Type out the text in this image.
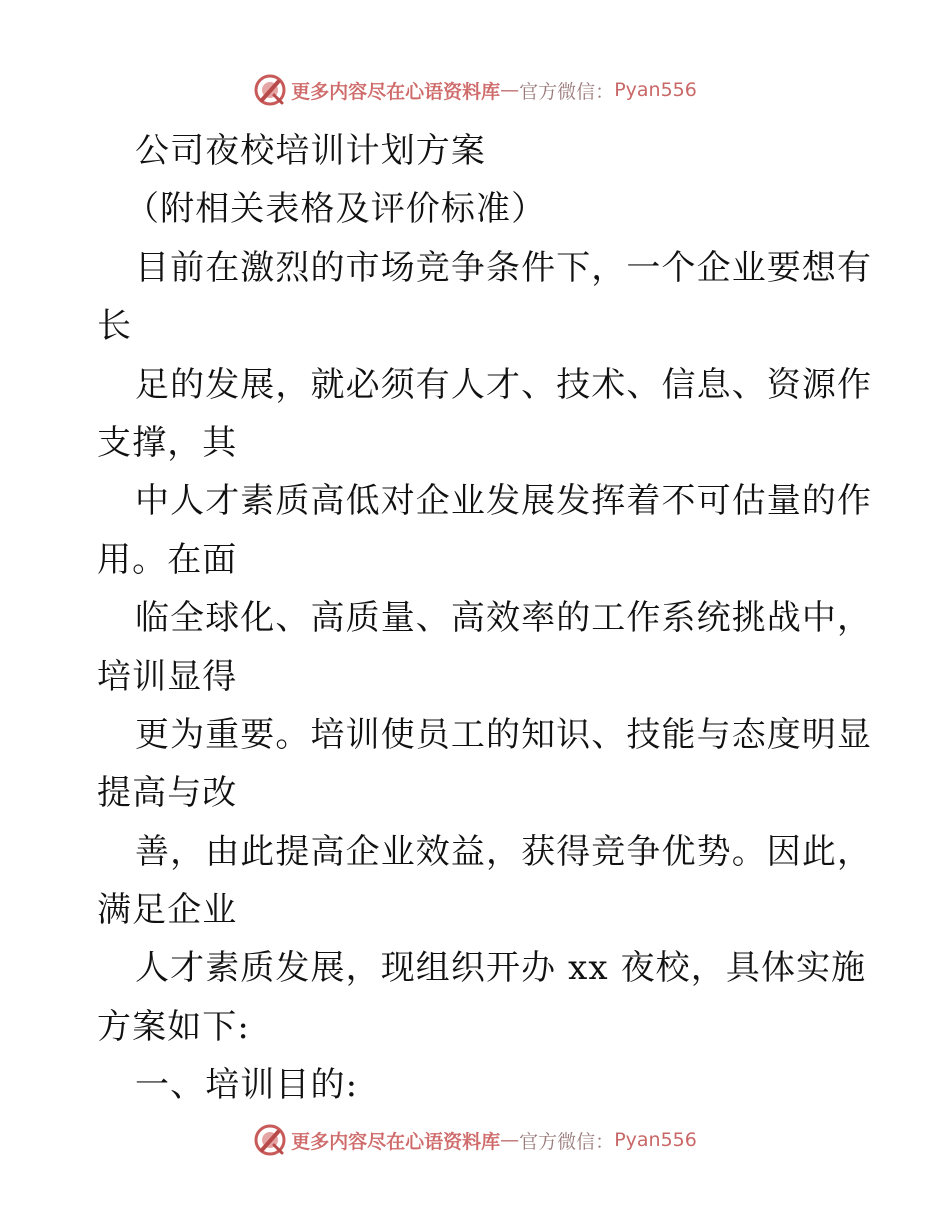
更多内容尽在心语资料库 — 官方微信： Pyan556
公司夜校培训计划方案
（附相关表格及评价标准）
目前在激烈的市场竞争条件下，一个企业要想有
长
足的发展，就必须有人才、技术、信息、资源作
支撑，其
中人才素质高低对企业发展发挥着不可估量的作
用。在面
临全球化、高质量、高效率的工作系统挑战中，
培训显得
更为重要。培训使员工的知识、技能与态度明显
提高与改
善，由此提高企业效益，获得竞争优势。因此，
满足企业
人才素质发展，现组织开办 xx 夜校，具体实施
方案如下:
一、培训目的:
更多内容尽在心语资料库 — 官方微信： Pyan556
